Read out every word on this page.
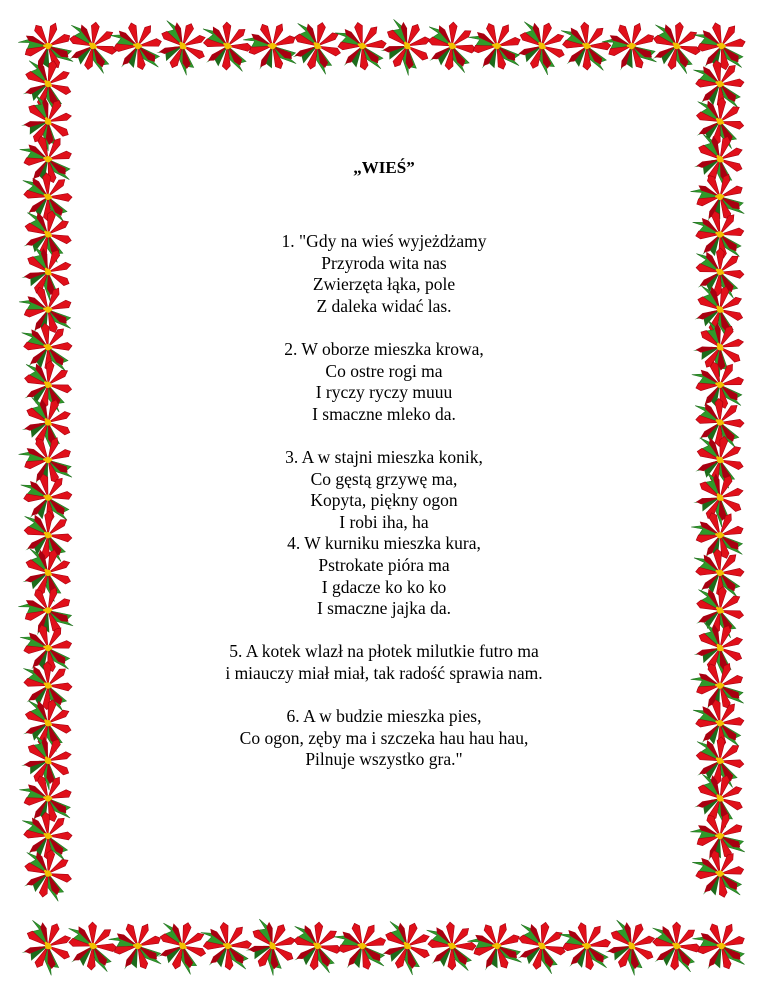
„WIEŚ”
1. "Gdy na wieś wyjeżdżamy
Przyroda wita nas
Zwierzęta łąka, pole
Z daleka widać las.
2. W oborze mieszka krowa,
Co ostre rogi ma
I ryczy ryczy muuu
I smaczne mleko da.
3. A w stajni mieszka konik,
Co gęstą grzywę ma,
Kopyta, piękny ogon
I robi iha, ha
4. W kurniku mieszka kura,
Pstrokate pióra ma
I gdacze ko ko ko
I smaczne jajka da.
5. A kotek wlazł na płotek milutkie futro ma
i miauczy miał miał, tak radość sprawia nam.
6. A w budzie mieszka pies,
Co ogon, zęby ma i szczeka hau hau hau,
Pilnuje wszystko gra."
